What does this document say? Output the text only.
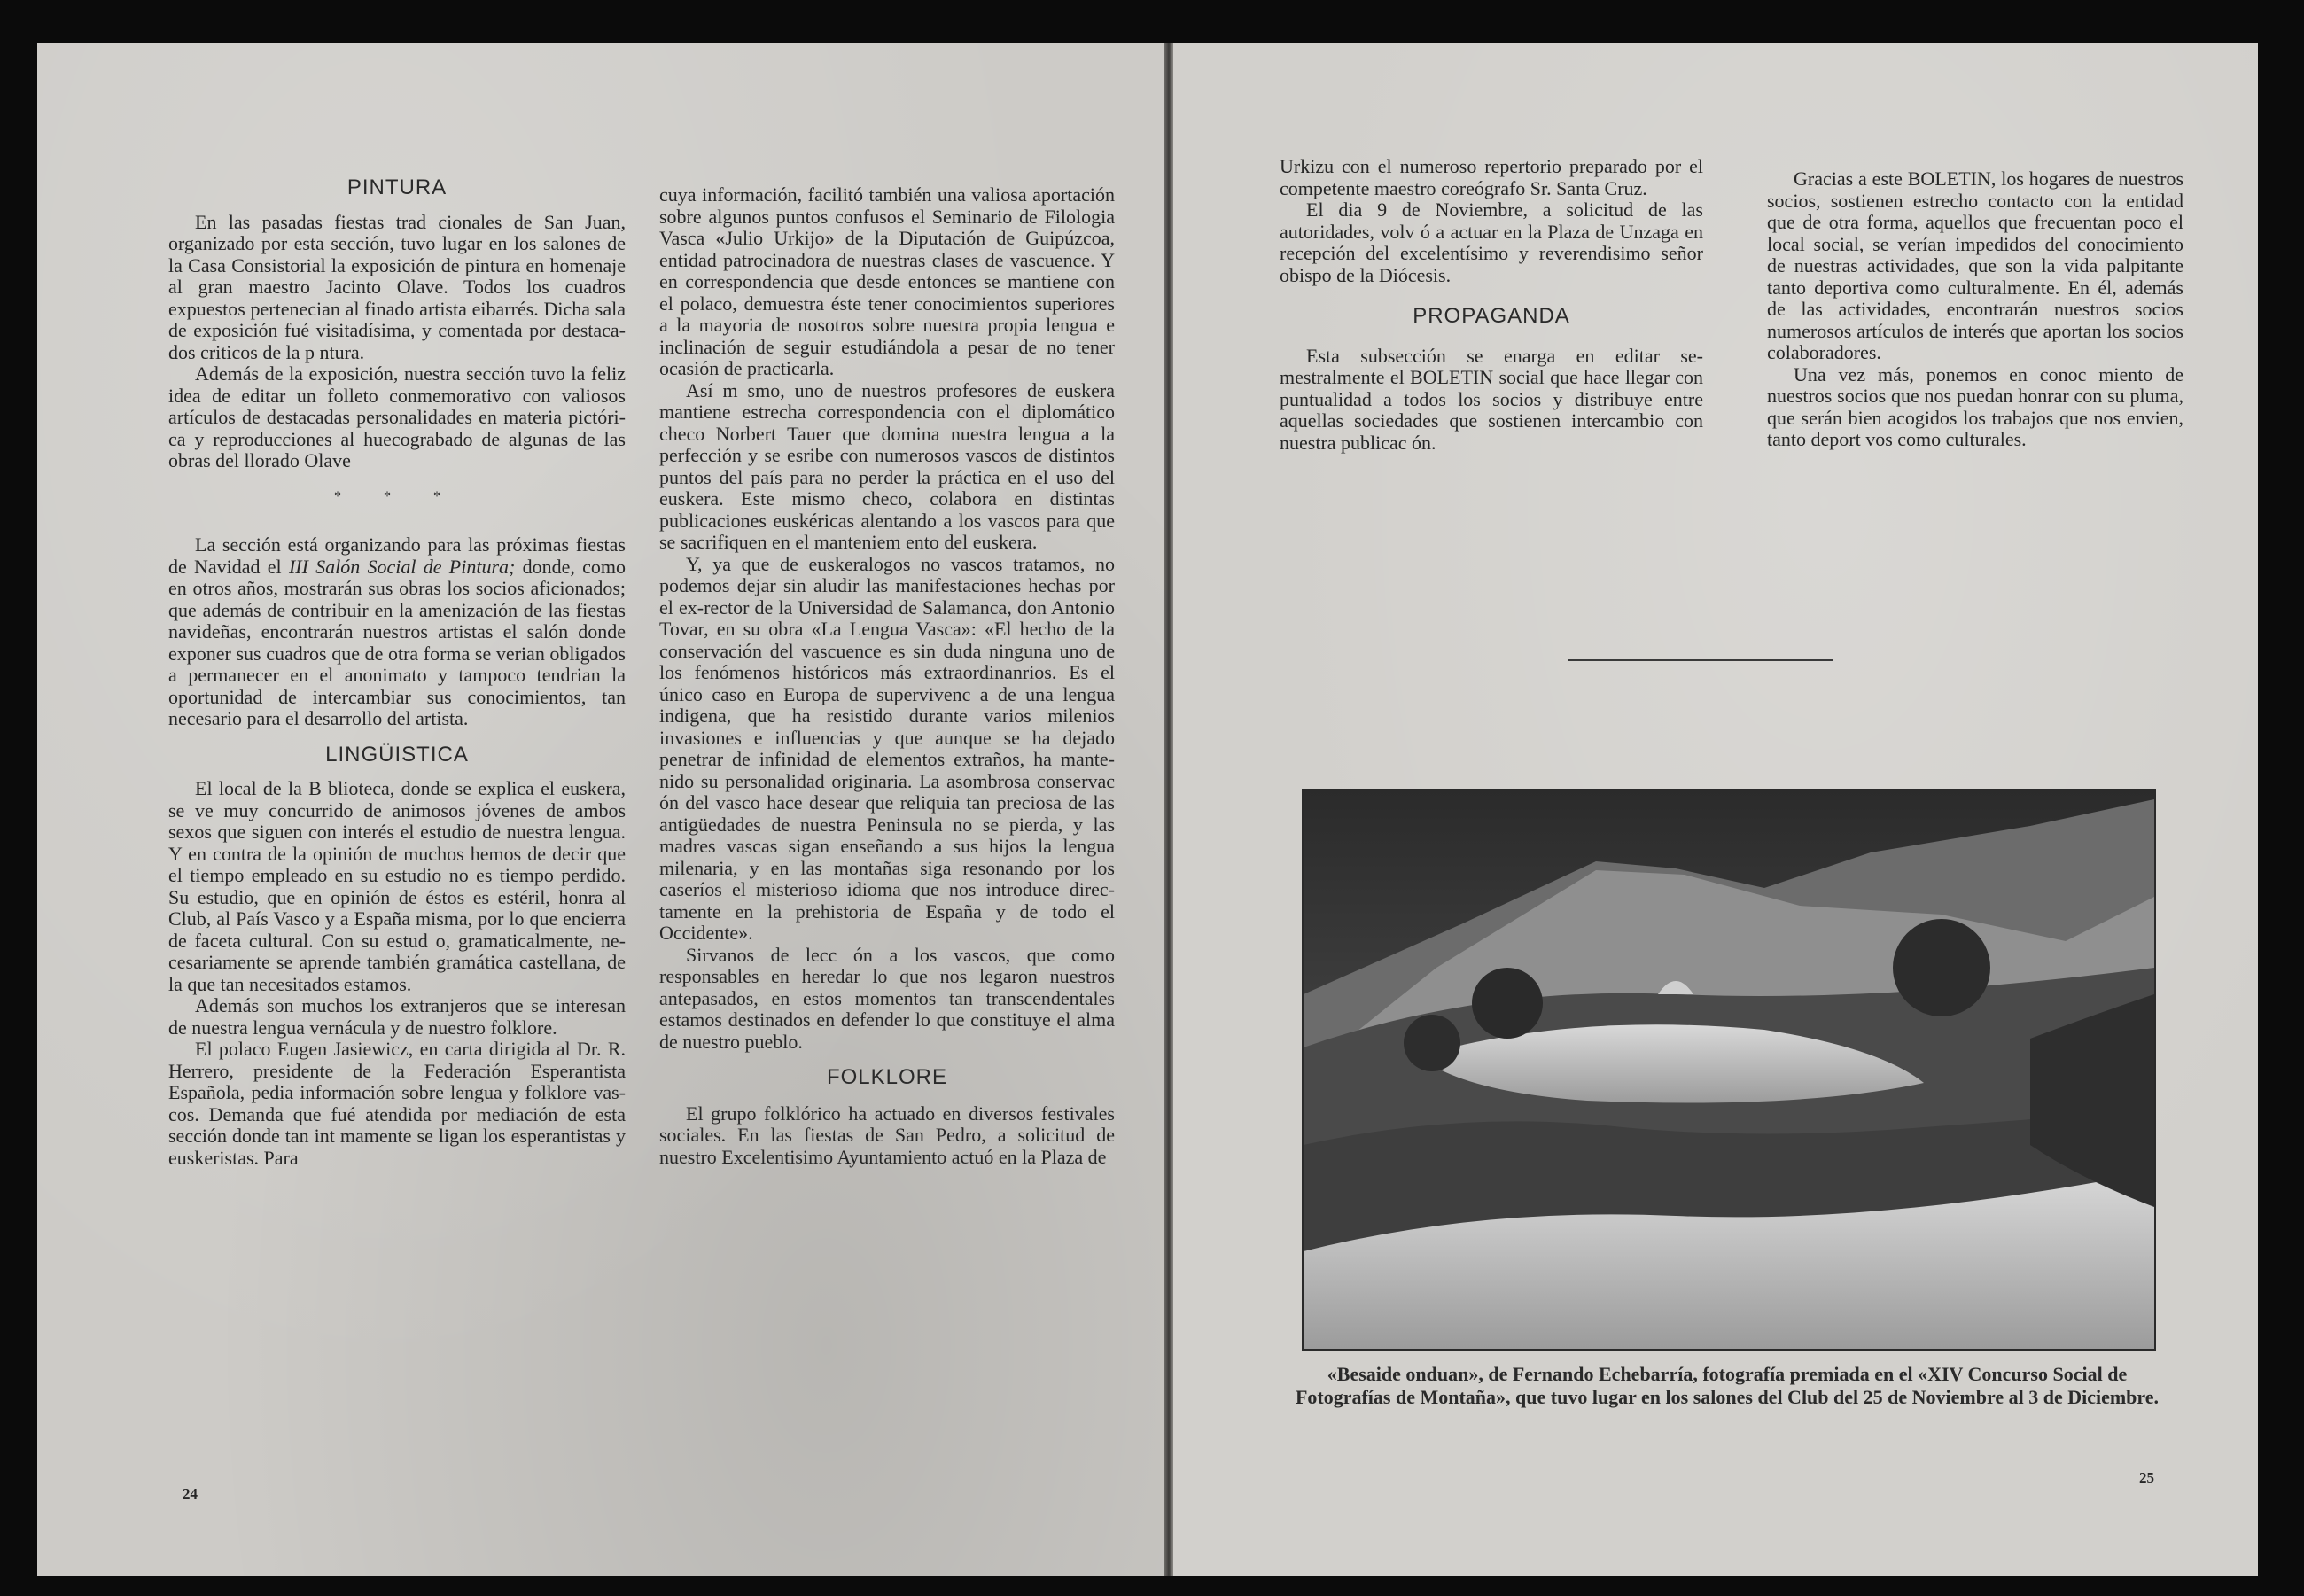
PINTURA

En las pasadas fiestas trad cionales de San Juan, organizado por esta sección, tuvo lugar en los salones de la Casa Consistorial la exposición de pintura en homenaje al gran maestro Jacinto Olave. Todos los cuadros expuestos pertenecian al finado artista eibarrés. Dicha sala de exposición fué visitadísima, y comentada por destacados criticos de la p ntura.

Además de la exposición, nuestra sección tuvo la feliz idea de editar un folleto conmemorativo con valiosos artículos de destacadas personalidades en materia pictórica y reproducciones al huecograbado de algunas de las obras del llorado Olave

* * *

La sección está organizando para las próximas fiestas de Navidad el III Salón Social de Pintura; donde, como en otros años, mostrarán sus obras los socios aficionados; que además de contribuir en la amenización de las fiestas navideñas, encontrarán nuestros artistas el salón donde exponer sus cuadros que de otra forma se verian obligados a permanecer en el anonimato y tampoco tendrian la oportunidad de intercambiar sus conocimientos, tan necesario para el desarrollo del artista.

LINGÜISTICA

El local de la B blioteca, donde se explica el euskera, se ve muy concurrido de animosos jóvenes de ambos sexos que siguen con interés el estudio de nuestra lengua. Y en contra de la opinión de muchos hemos de decir que el tiempo empleado en su estudio no es tiempo perdido. Su estudio, que en opinión de éstos es estéril, honra al Club, al País Vasco y a España misma, por lo que encierra de faceta cultural. Con su estud o, gramaticalmente, necesariamente se aprende también gramática castellana, de la que tan necesitados estamos.

Además son muchos los extranjeros que se interesan de nuestra lengua vernácula y de nuestro folklore.

El polaco Eugen Jasiewicz, en carta dirigida al Dr. R. Herrero, presidente de la Federación Esperantista Española, pedia información sobre lengua y folklore vascos. Demanda que fué atendida por mediación de esta sección donde tan int mamente se ligan los esperantistas y euskeristas. Para

cuya información, facilitó también una valiosa aportación sobre algunos puntos confusos el Seminario de Filologia Vasca «Julio Urkijo» de la Diputación de Guipúzcoa, entidad patrocinadora de nuestras clases de vascuence. Y en correspondencia que desde entonces se mantiene con el polaco, demuestra éste tener conocimientos superiores a la mayoria de nosotros sobre nuestra propia lengua e inclinación de seguir estudiándola a pesar de no tener ocasión de practicarla.

Así m smo, uno de nuestros profesores de euskera mantiene estrecha correspondencia con el diplomático checo Norbert Tauer que domina nuestra lengua a la perfección y se esribe con numerosos vascos de distintos puntos del país para no perder la práctica en el uso del euskera. Este mismo checo, colabora en distintas publicaciones euskéricas alentando a los vascos para que se sacrifiquen en el manteniem ento del euskera.

Y, ya que de euskeralogos no vascos tratamos, no podemos dejar sin aludir las manifestaciones hechas por el ex-rector de la Universidad de Salamanca, don Antonio Tovar, en su obra «La Lengua Vasca»: «El hecho de la conservación del vascuence es sin duda ninguna uno de los fenómenos históricos más extraordinanrios. Es el único caso en Europa de supervivenc a de una lengua indigena, que ha resistido durante varios milenios invasiones e influencias y que aunque se ha dejado penetrar de infinidad de elementos extraños, ha mantenido su personalidad originaria. La asombrosa conservac ón del vasco hace desear que reliquia tan preciosa de las antigüedades de nuestra Peninsula no se pierda, y las madres vascas sigan enseñando a sus hijos la lengua milenaria, y en las montañas siga resonando por los caseríos el misterioso idioma que nos introduce directamente en la prehistoria de España y de todo el Occidente».

Sirvanos de lecc ón a los vascos, que como responsables en heredar lo que nos legaron nuestros antepasados, en estos momentos tan transcendentales estamos destinados en defender lo que constituye el alma de nuestro pueblo.

FOLKLORE

El grupo folklórico ha actuado en diversos festivales sociales. En las fiestas de San Pedro, a solicitud de nuestro Excelentisimo Ayuntamiento actuó en la Plaza de

24

Urkizu con el numeroso repertorio preparado por el competente maestro coreógrafo Sr. Santa Cruz.

El dia 9 de Noviembre, a solicitud de las autoridades, volv ó a actuar en la Plaza de Unzaga en recepción del excelentísimo y reverendisimo señor obispo de la Diócesis.

PROPAGANDA

Esta subsección se enarga en editar semestralmente el BOLETIN social que hace llegar con puntualidad a todos los socios y distribuye entre aquellas sociedades que sostienen intercambio con nuestra publicac ón.

Gracias a este BOLETIN, los hogares de nuestros socios, sostienen estrecho contacto con la entidad que de otra forma, aquellos que frecuentan poco el local social, se verían impedidos del conocimiento de nuestras actividades, que son la vida palpitante tanto deportiva como culturalmente. En él, además de las actividades, encontrarán nuestros socios numerosos artículos de interés que aportan los socios colaboradores.

Una vez más, ponemos en conoc miento de nuestros socios que nos puedan honrar con su pluma, que serán bien acogidos los trabajos que nos envien, tanto deport vos como culturales.

25
«Besaide onduan», de Fernando Echebarría, fotografía premiada en el «XIV Concurso Social de Fotografías de Montaña», que tuvo lugar en los salones del Club del 25 de Noviembre al 3 de Diciembre.
